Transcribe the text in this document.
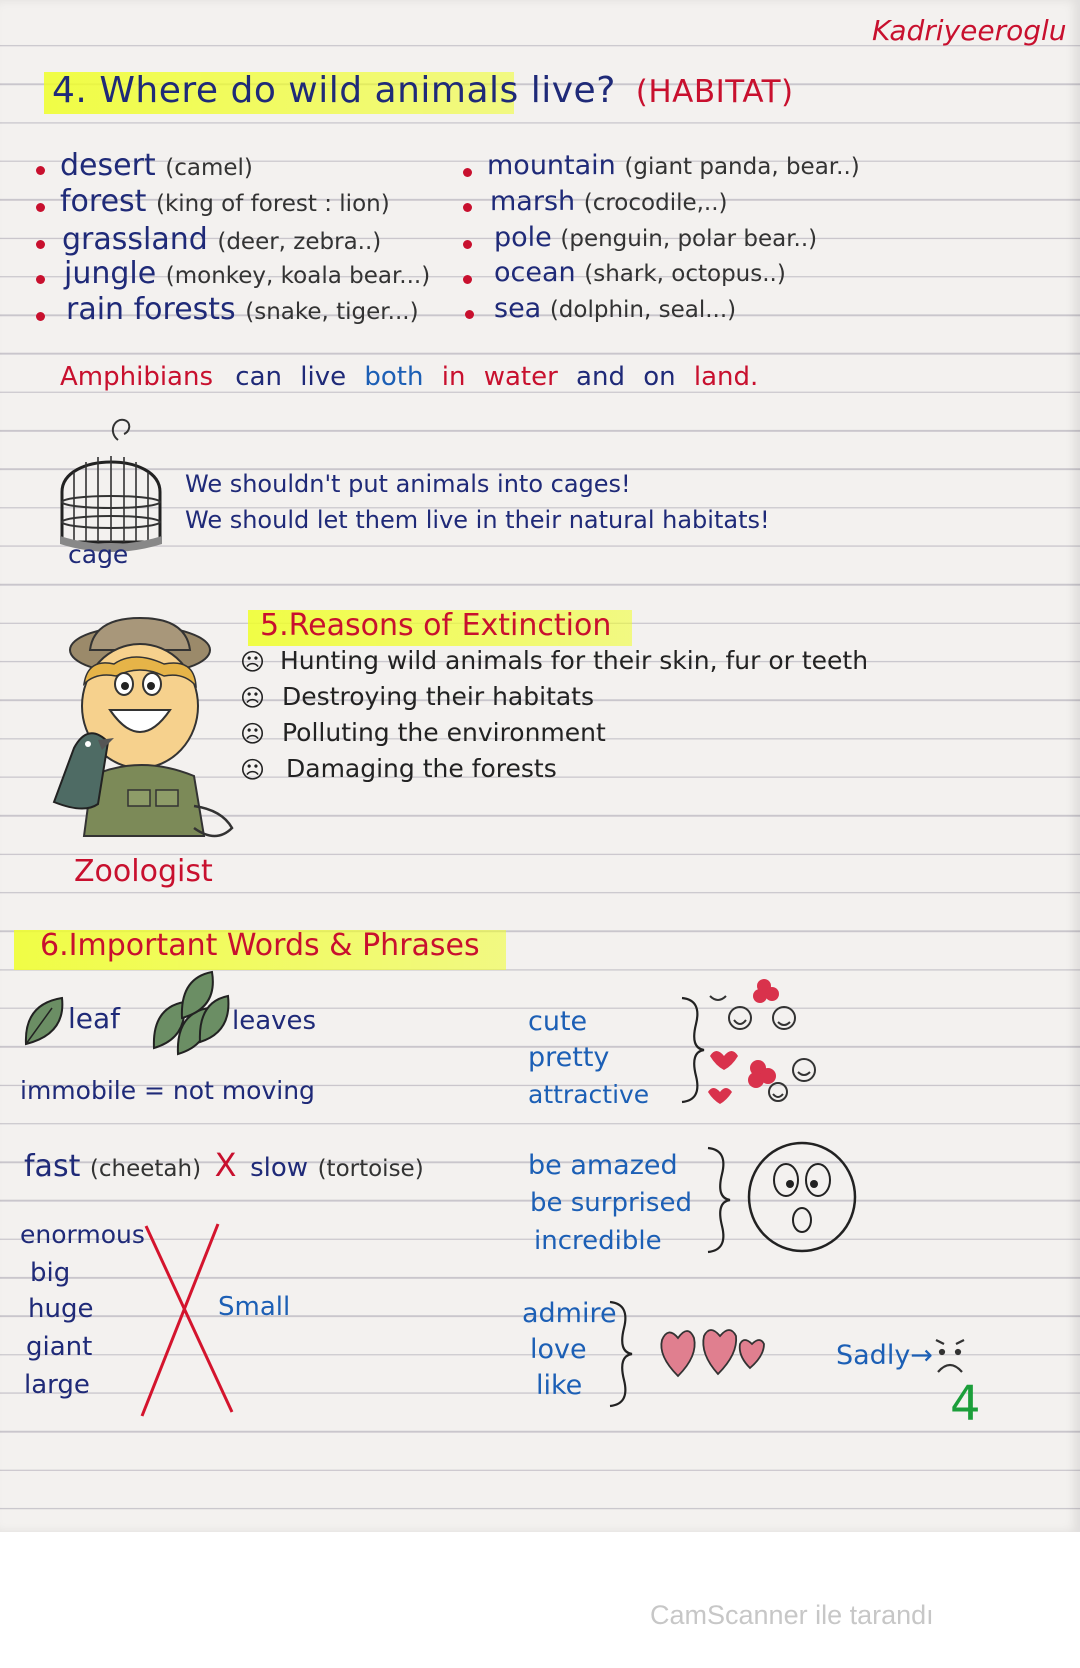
Kadriyeeroglu
4. Where do wild animals live? (HABITAT)
desert (camel)
forest (king of forest : lion)
grassland (deer, zebra..)
jungle (monkey, koala bear...)
rain forests (snake, tiger...)
mountain (giant panda, bear..)
marsh (crocodile,..)
pole (penguin, polar bear..)
ocean (shark, octopus..)
sea (dolphin, seal...)
Amphibians can live both in water and on land.
cage
We shouldn't put animals into cages!
We should let them live in their natural habitats!
5.Reasons of Extinction
Zoologist
☹ Hunting wild animals for their skin, fur or teeth
☹ Destroying their habitats
☹ Polluting the environment
☹ Damaging the forests
6.Important Words & Phrases
leaf	leaves
immobile = not moving
fast (cheetah) X slow (tortoise)
enormous
big
huge
giant
large
Small
cute
pretty
attractive
be amazed
be surprised
incredible
admire
love
like
Sadly→
4
CamScanner ile tarandı
